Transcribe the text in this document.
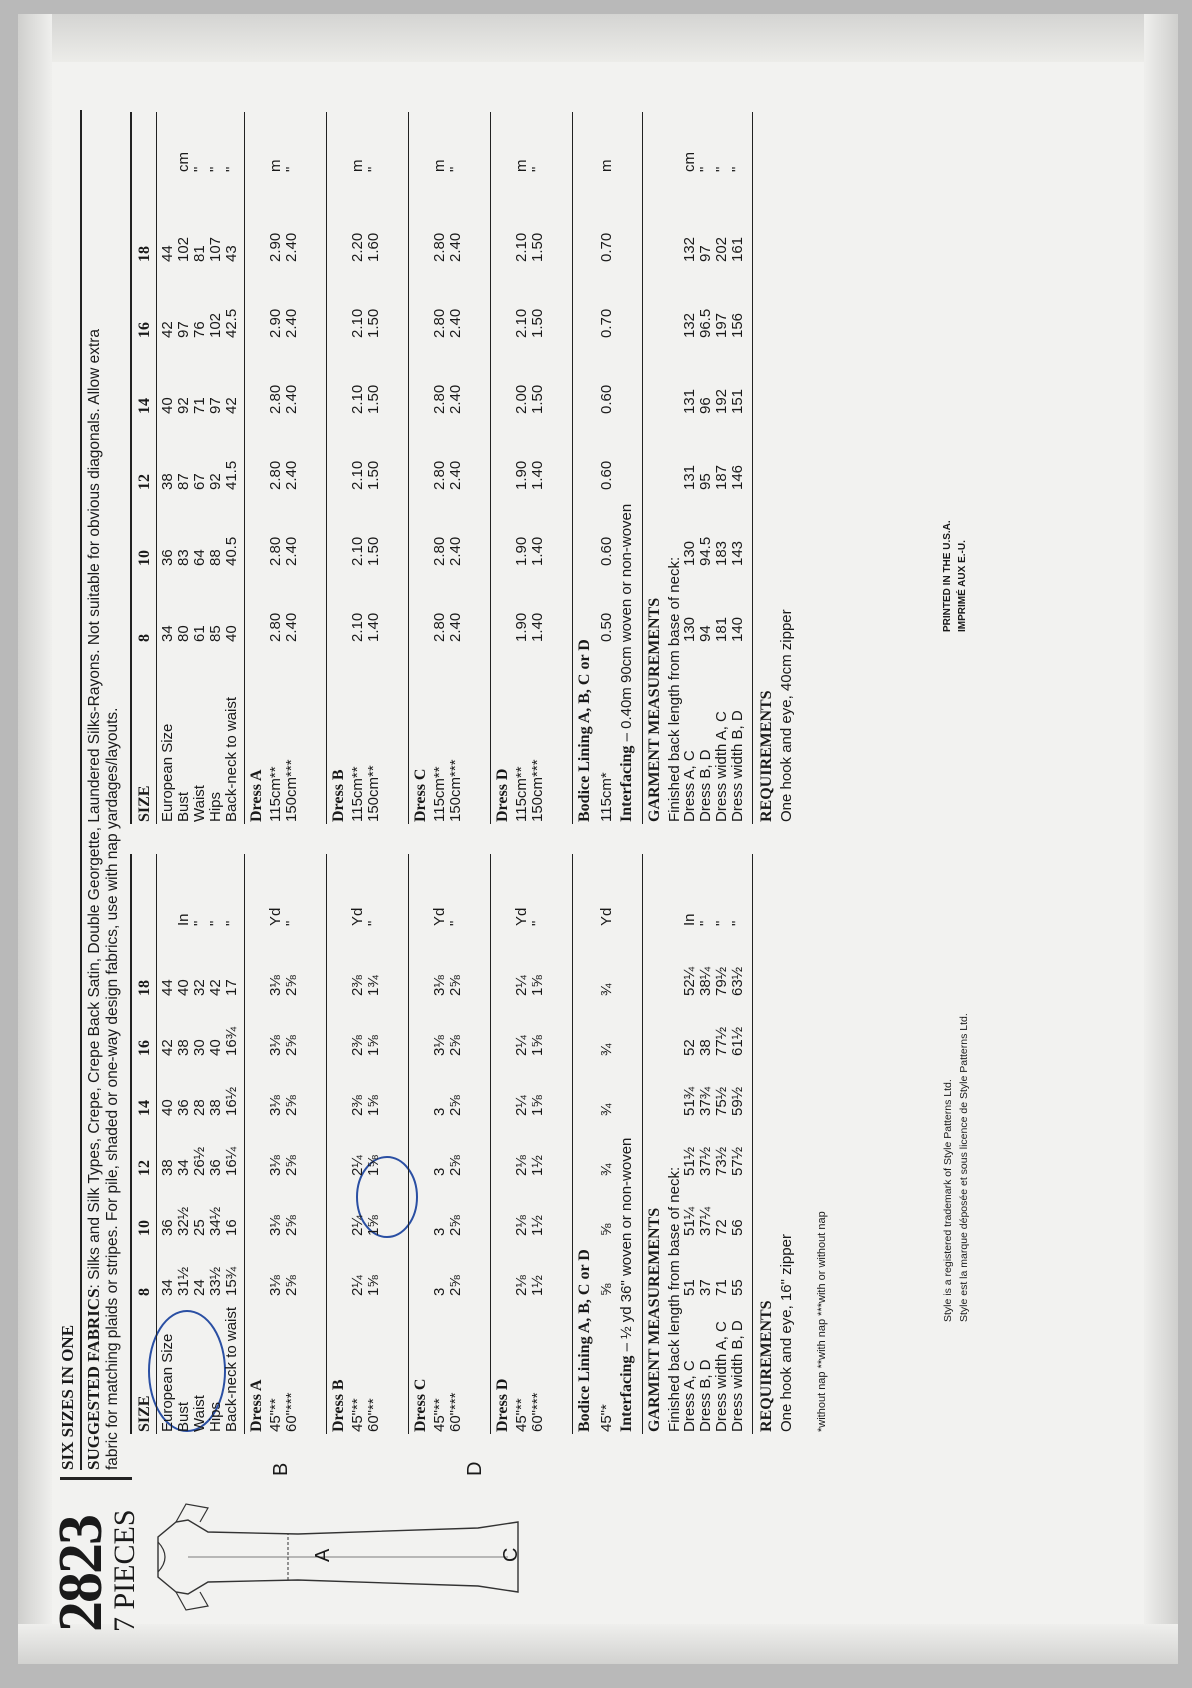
2823
7 PIECES
SIX SIZES IN ONE SUGGESTED FABRICS: Silks and Silk Types, Crepe, Crepe Back Satin, Double Georgette, Laundered Silks-Rayons. Not suitable for obvious diagonals. Allow extra fabric for matching plaids or stripes. For pile, shaded or one-way design fabrics, use with nap yardages/layouts.	B
A
D
C
SIZE
8
10
12
14
16
18
European Size Bust Waist Hips Back-neck to waist
34 31½ 24 33½ 15¾
36 32½ 25 34½ 16
38 34 26½ 36 16¼
40 36 28 38 16½
42 38 30 40 16¾
44 40 32 42 17
In " " "
Dress A 45"** 60"***
3⅛ 2⅝
3⅛ 2⅝
3⅛ 2⅝
3⅛ 2⅝
3⅛ 2⅝
3⅛ 2⅝
Yd "
Dress B 45"** 60"**
2¼ 1⅝
2¼ 1⅝
2¼ 1⅝
2⅜ 1⅝
2⅜ 1⅝
2⅜ 1¾
Yd "
Dress C 45"** 60"***
3 2⅝
3 2⅝
3 2⅝
3 2⅝
3⅛ 2⅝
3⅛ 2⅝
Yd "
Dress D 45"** 60"***
2⅛ 1½
2⅛ 1½
2⅛ 1½
2¼ 1⅝
2¼ 1⅝
2¼ 1⅝
Yd "
Bodice Lining A, B, C or D 45"*
⅝
⅝
¾
¾
¾
¾
Yd
Interfacing – ½ yd 36" woven or non-woven GARMENT MEASUREMENTS Finished back length from base of neck:
Dress A, C Dress B, D Dress width A, C Dress width B, D
51 37 71 55
51¼ 37¼ 72 56
51½ 37½ 73½ 57½
51¾ 37¾ 75½ 59½
52 38 77½ 61½
52¼ 38¼ 79½ 63½
In " " "
REQUIREMENTS One hook and eye, 16" zipper *without nap **with nap ***with or without nap
SIZE
8
10
12
14
16
18
European Size Bust Waist Hips Back-neck to waist
34 80 61 85 40
36 83 64 88 40.5
38 87 67 92 41.5
40 92 71 97 42
42 97 76 102 42.5
44 102 81 107 43
cm " " "
Dress A 115cm** 150cm***
2.80 2.40
2.80 2.40
2.80 2.40
2.80 2.40
2.90 2.40
2.90 2.40
m "
Dress B 115cm** 150cm**
2.10 1.40
2.10 1.50
2.10 1.50
2.10 1.50
2.10 1.50
2.20 1.60
m "
Dress C 115cm** 150cm***
2.80 2.40
2.80 2.40
2.80 2.40
2.80 2.40
2.80 2.40
2.80 2.40
m "
Dress D 115cm** 150cm***
1.90 1.40
1.90 1.40
1.90 1.40
2.00 1.50
2.10 1.50
2.10 1.50
m "
Bodice Lining A, B, C or D 115cm*
0.50
0.60
0.60
0.60
0.70
0.70
m
Interfacing – 0.40m 90cm woven or non-woven GARMENT MEASUREMENTS Finished back length from base of neck:
Dress A, C Dress B, D Dress width A, C Dress width B, D
130 94 181 140
130 94.5 183 143
131 95 187 146
131 96 192 151
132 96.5 197 156
132 97 202 161
cm " " "
REQUIREMENTS One hook and eye, 40cm zipper
Style is a registered trademark of Style Patterns Ltd. Style est la marque déposée et sous licence de Style Patterns Ltd.
PRINTED IN THE U.S.A. IMPRIMÉ AUX E.-U.
